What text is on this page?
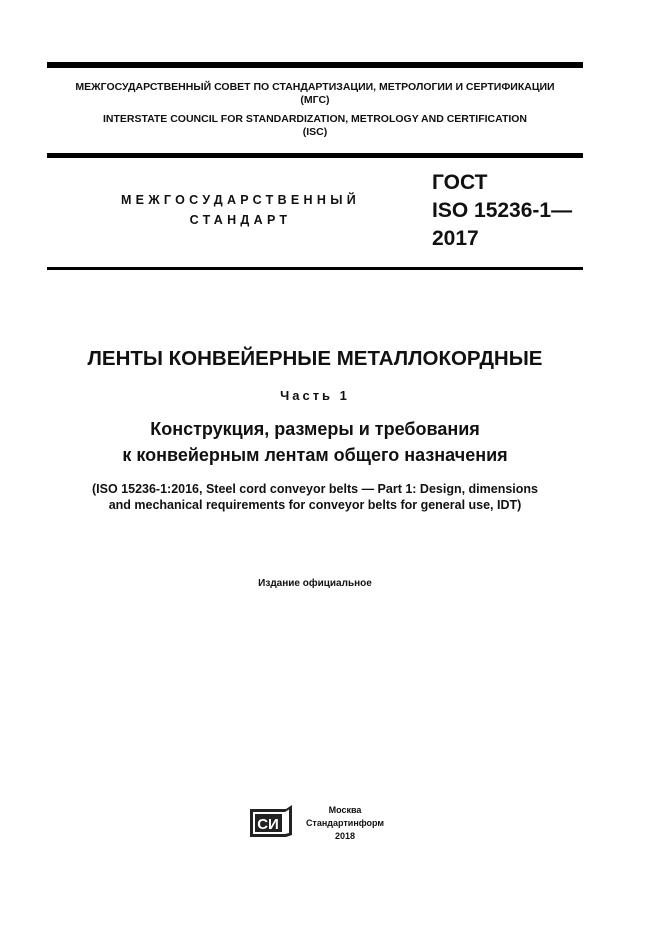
МЕЖГОСУДАРСТВЕННЫЙ СОВЕТ ПО СТАНДАРТИЗАЦИИ, МЕТРОЛОГИИ И СЕРТИФИКАЦИИ
(МГС)
INTERSTATE COUNCIL FOR STANDARDIZATION, METROLOGY AND CERTIFICATION
(ISC)
МЕЖГОСУДАРСТВЕННЫЙ
СТАНДАРТ
ГОСТ
ISO 15236-1—
2017
ЛЕНТЫ КОНВЕЙЕРНЫЕ МЕТАЛЛОКОРДНЫЕ
Часть 1
Конструкция, размеры и требования
к конвейерным лентам общего назначения
(ISO 15236-1:2016, Steel cord conveyor belts — Part 1: Design, dimensions
and mechanical requirements for conveyor belts for general use, IDT)
Издание официальное
СИ
Москва
Стандартинформ
2018
